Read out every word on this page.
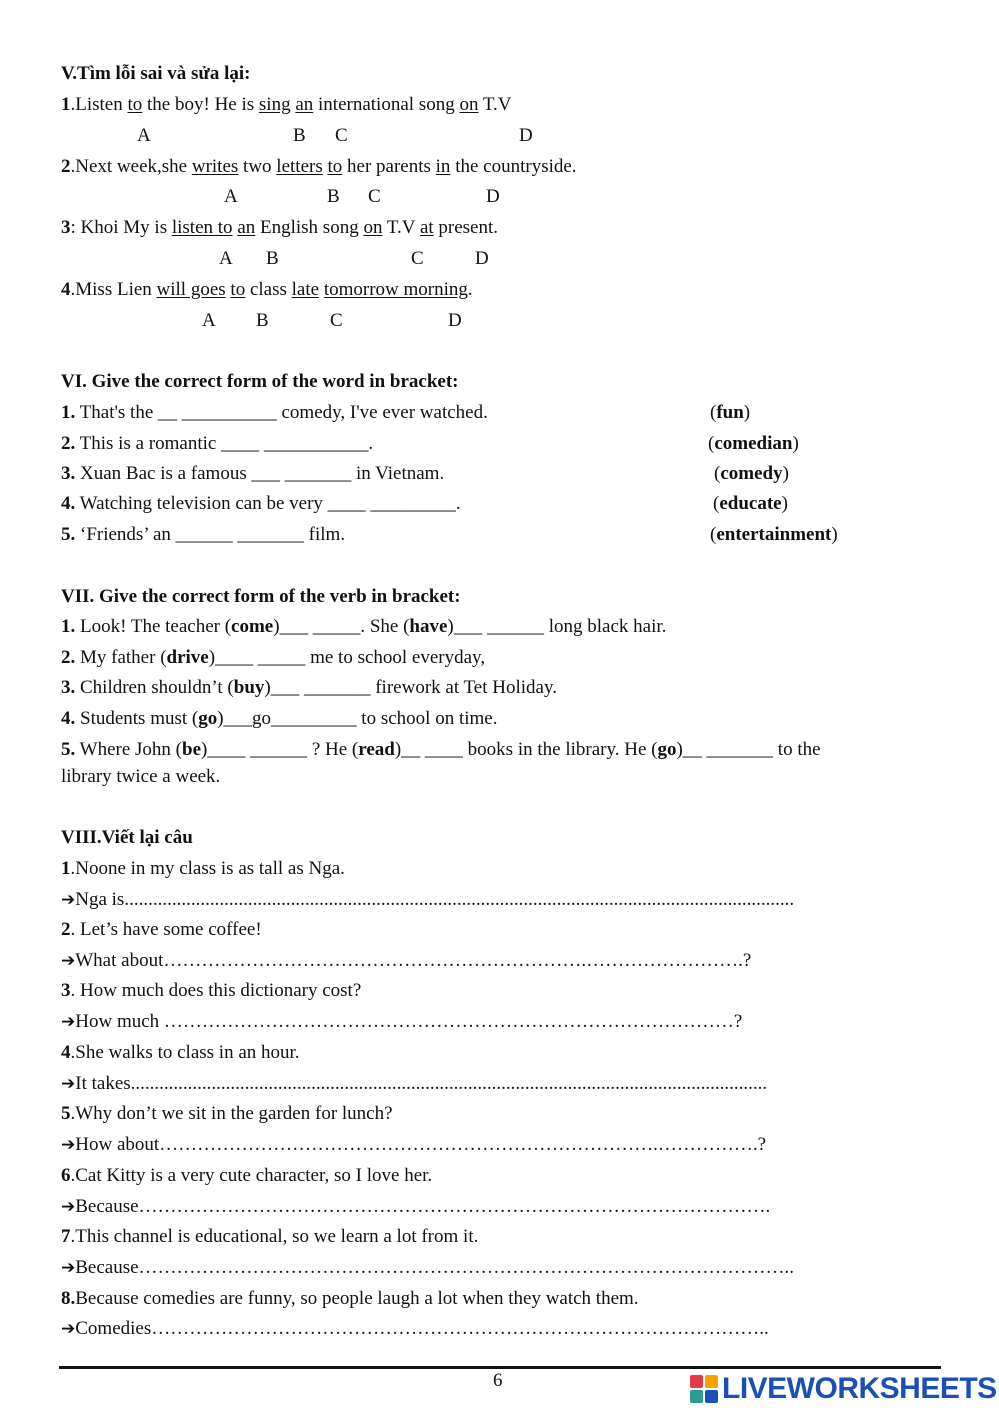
V.Tìm lỗi sai và sửa lại:
1.Listen to the boy! He is sing an international song on T.V
A	B C	D
2.Next week,she writes two letters to her parents in the countryside.
A	B C	D
3: Khoi My is listen to an English song on T.V at present.
A B	C	D
4.Miss Lien will goes to class late tomorrow morning.
A B	C	D
VI. Give the correct form of the word in bracket:
1. That's the __ __________ comedy, I've ever watched.	(fun)
2. This is a romantic ____ ___________.	(comedian)
3. Xuan Bac is a famous ___ _______ in Vietnam.	(comedy)
4. Watching television can be very ____ _________.	(educate)
5. ‘Friends’ an ______ _______ film.	(entertainment)
VII. Give the correct form of the verb in bracket:
1. Look! The teacher (come)___ _____. She (have)___ ______ long black hair.
2. My father (drive)____ _____ me to school everyday,
3. Children shouldn’t (buy)___ _______ firework at Tet Holiday.
4. Students must (go)___go_________ to school on time.
5. Where John (be)____ ______ ? He (read)__ ____ books in the library. He (go)__ _______ to the
library twice a week.
VIII.Viết lại câu
1.Noone in my class is as tall as Nga.
➔Nga is.............................................................................................................................................
2. Let’s have some coffee!
➔What about………………………………………………………….…………………….?
3. How much does this dictionary cost?
➔How much ………………………………………………………………………………?
4.She walks to class in an hour.
➔It takes......................................................................................................................................
5.Why don’t we sit in the garden for lunch?
➔How about…………………………………………………………………….…………….?
6.Cat Kitty is a very cute character, so I love her.
➔Because……………………………………………………………………………………….
7.This channel is educational, so we learn a lot from it.
➔Because…………………………………………………………………………………………..
8.Because comedies are funny, so people laugh a lot when they watch them.
➔Comedies……………………………………………………………………………………..
6	LIVEWORKSHEETS
